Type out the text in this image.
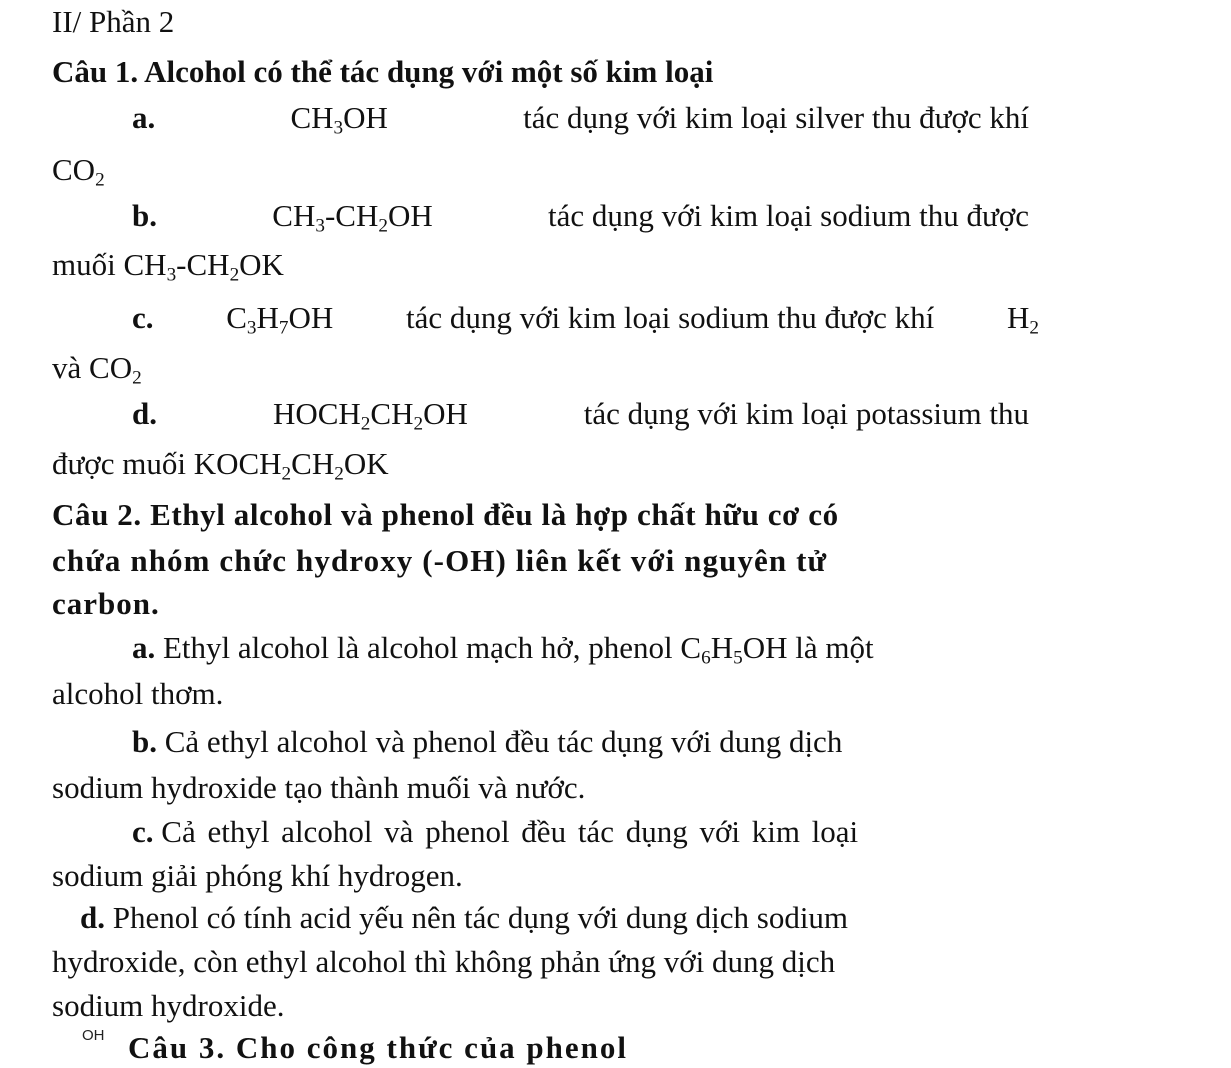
II/ Phần 2
Câu 1. Alcohol có thể tác dụng với một số kim loại
a.	$CH_3OH$	tác dụng với kim loại silver thu được khí
$CO_2$
b.	$CH_3-CH_2OH$	tác dụng với kim loại sodium thu được
muối $CH_3-CH_2OK$
c. $C_3H_7OH$ tác dụng với kim loại sodium thu được khí $H_2$
và $CO_2$
d.	$HOCH_2CH_2OH$	tác dụng với kim loại potassium thu
được muối $KOCH_2CH_2OK$
Câu 2. Ethyl alcohol và phenol đều là hợp chất hữu cơ có
chứa nhóm chức hydroxy (-OH) liên kết với nguyên tử
carbon.
a. Ethyl alcohol là alcohol mạch hở, phenol $C_6H_5OH$ là một
alcohol thơm.
b. Cả ethyl alcohol và phenol đều tác dụng với dung dịch
sodium hydroxide tạo thành muối và nước.
c. Cả ethyl alcohol và phenol đều tác dụng với kim loại
sodium giải phóng khí hydrogen.
d. Phenol có tính acid yếu nên tác dụng với dung dịch sodium
hydroxide, còn ethyl alcohol thì không phản ứng với dung dịch
sodium hydroxide.
OH Câu 3. Cho công thức của phenol
